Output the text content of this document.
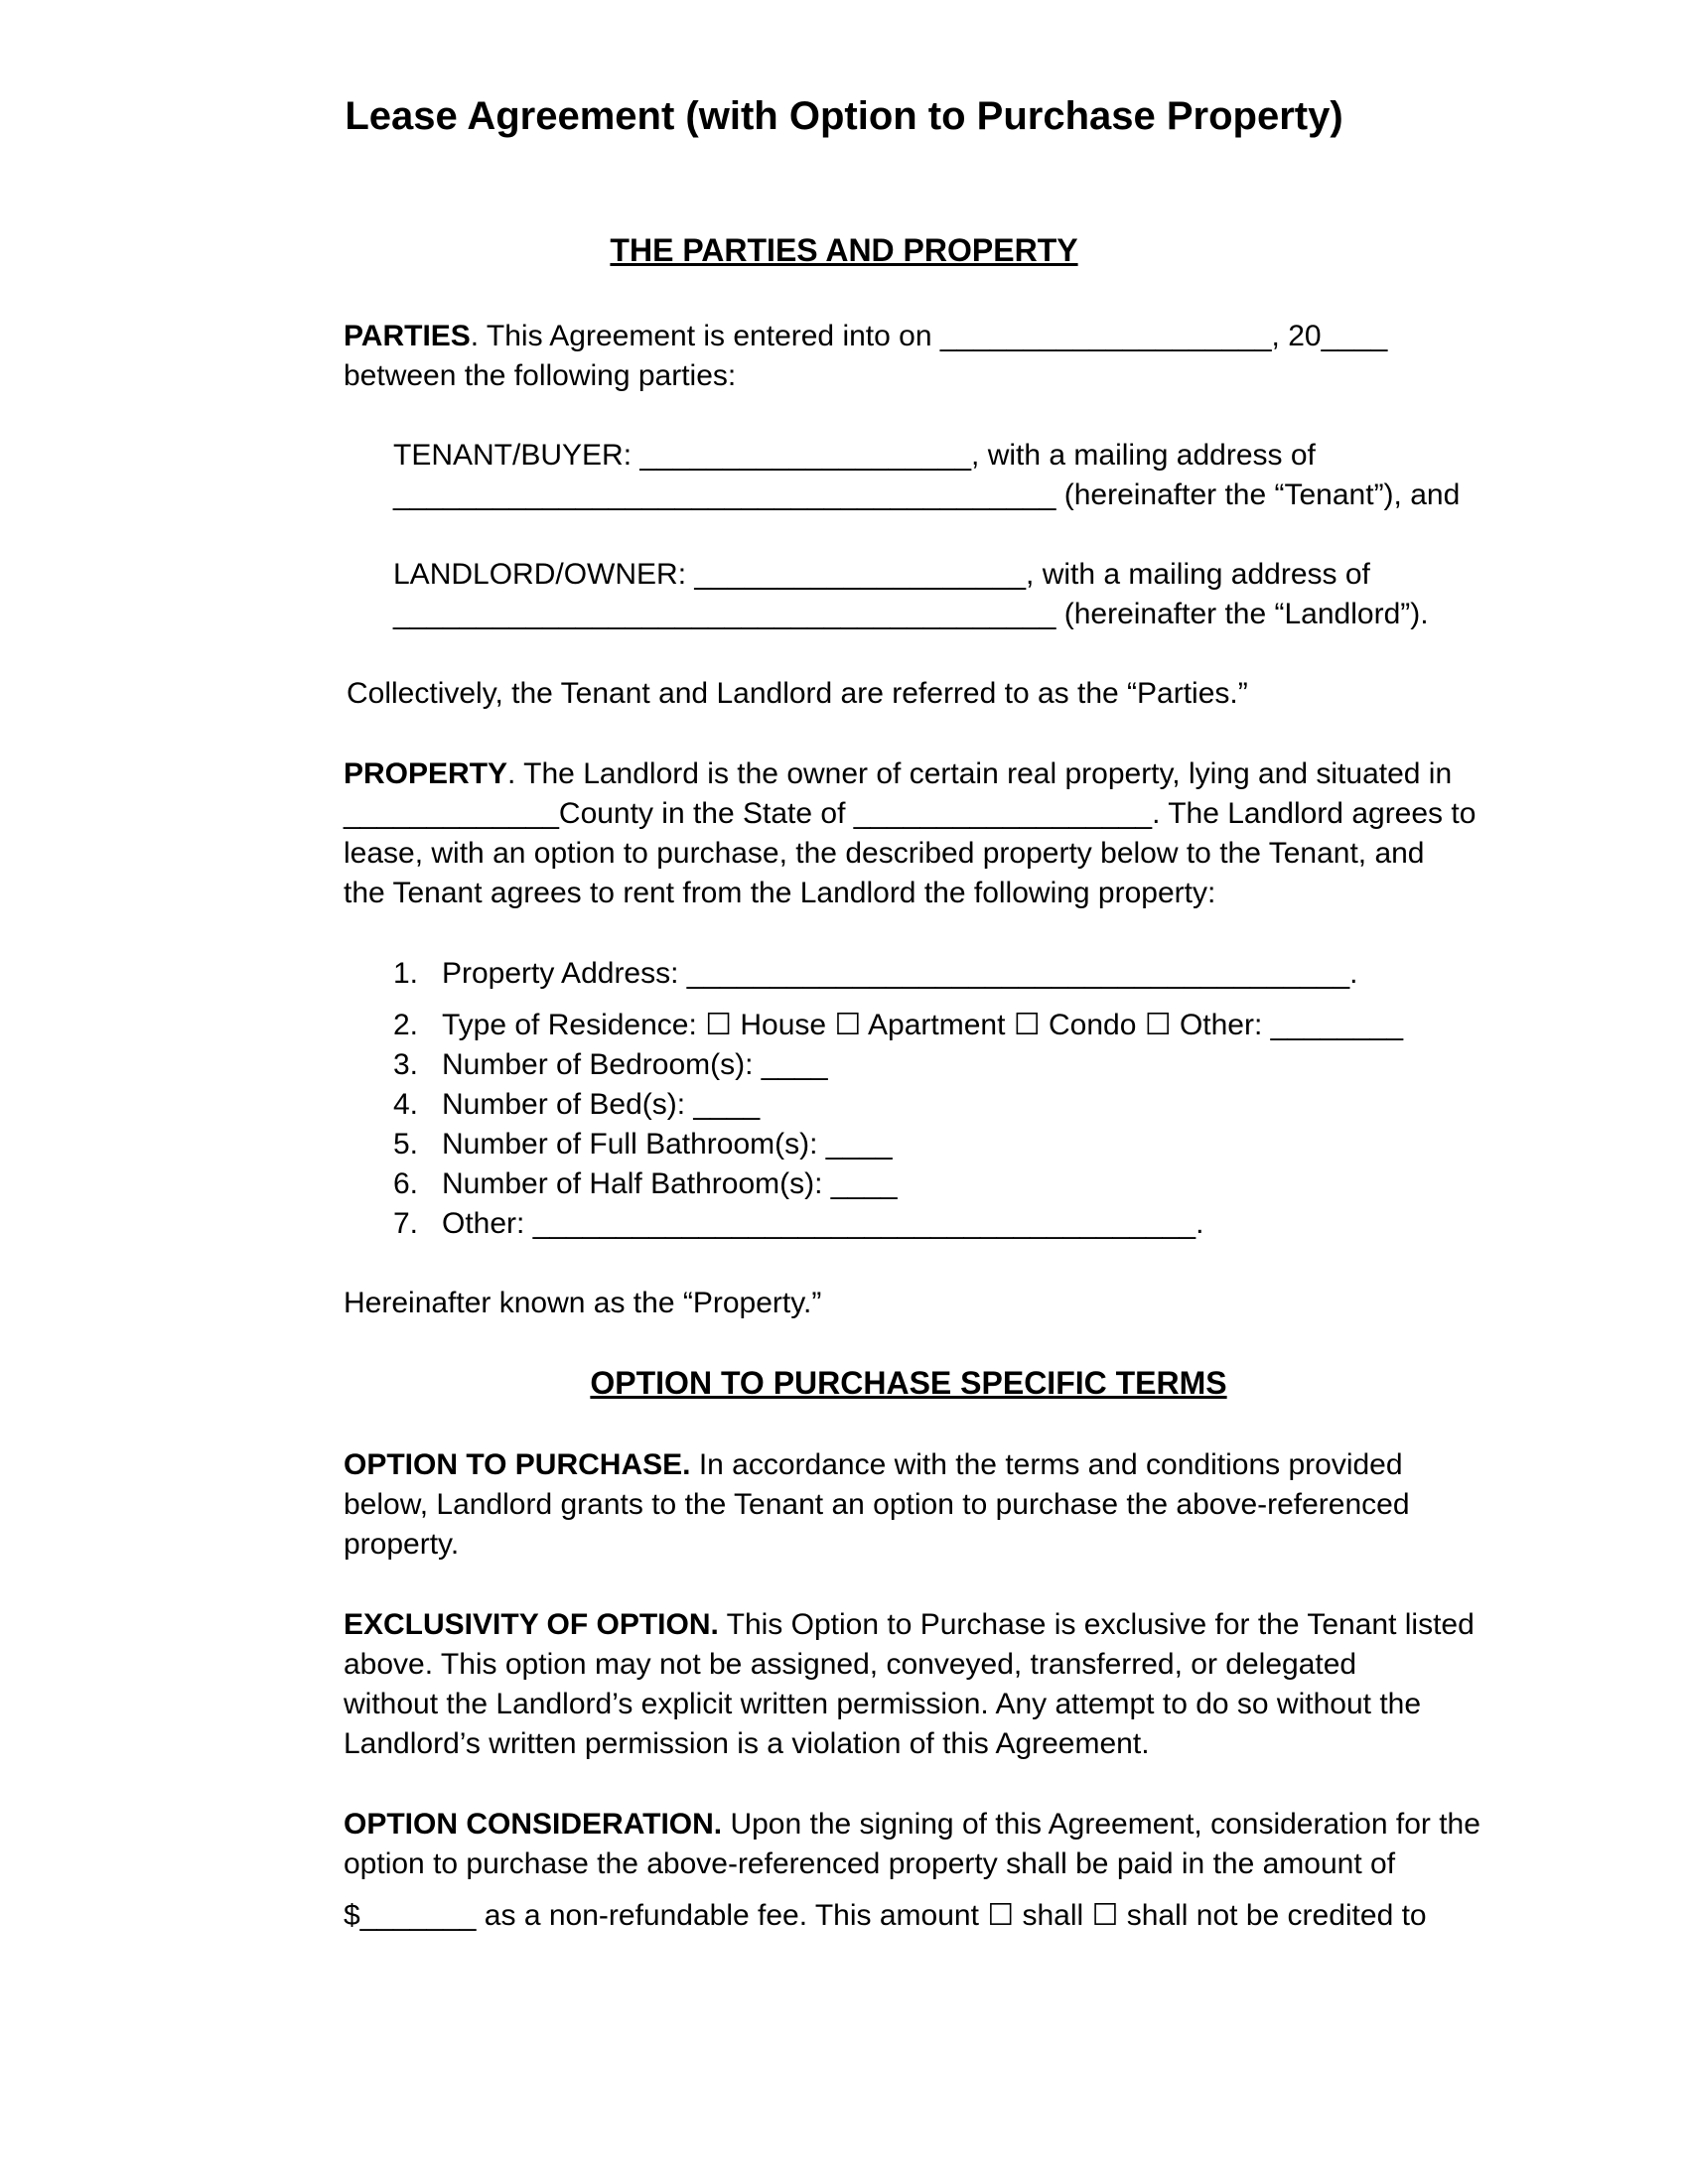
Lease Agreement (with Option to Purchase Property)
THE PARTIES AND PROPERTY
PARTIES. This Agreement is entered into on ____________________, 20____
between the following parties:
TENANT/BUYER: ____________________, with a mailing address of
________________________________________ (hereinafter the “Tenant”), and
LANDLORD/OWNER: ____________________, with a mailing address of
________________________________________ (hereinafter the “Landlord”).
Collectively, the Tenant and Landlord are referred to as the “Parties.”
PROPERTY. The Landlord is the owner of certain real property, lying and situated in
_____________County in the State of __________________. The Landlord agrees to
lease, with an option to purchase, the described property below to the Tenant, and
the Tenant agrees to rent from the Landlord the following property:
1. Property Address: ________________________________________.
2. Type of Residence: ☐ House ☐ Apartment ☐ Condo ☐ Other: ________
3. Number of Bedroom(s): ____
4. Number of Bed(s): ____
5. Number of Full Bathroom(s): ____
6. Number of Half Bathroom(s): ____
7. Other: ________________________________________.
Hereinafter known as the “Property.”
OPTION TO PURCHASE SPECIFIC TERMS
OPTION TO PURCHASE. In accordance with the terms and conditions provided
below, Landlord grants to the Tenant an option to purchase the above-referenced
property.
EXCLUSIVITY OF OPTION. This Option to Purchase is exclusive for the Tenant listed
above. This option may not be assigned, conveyed, transferred, or delegated
without the Landlord’s explicit written permission. Any attempt to do so without the
Landlord’s written permission is a violation of this Agreement.
OPTION CONSIDERATION. Upon the signing of this Agreement, consideration for the
option to purchase the above-referenced property shall be paid in the amount of
$_______ as a non-refundable fee. This amount ☐ shall ☐ shall not be credited to
